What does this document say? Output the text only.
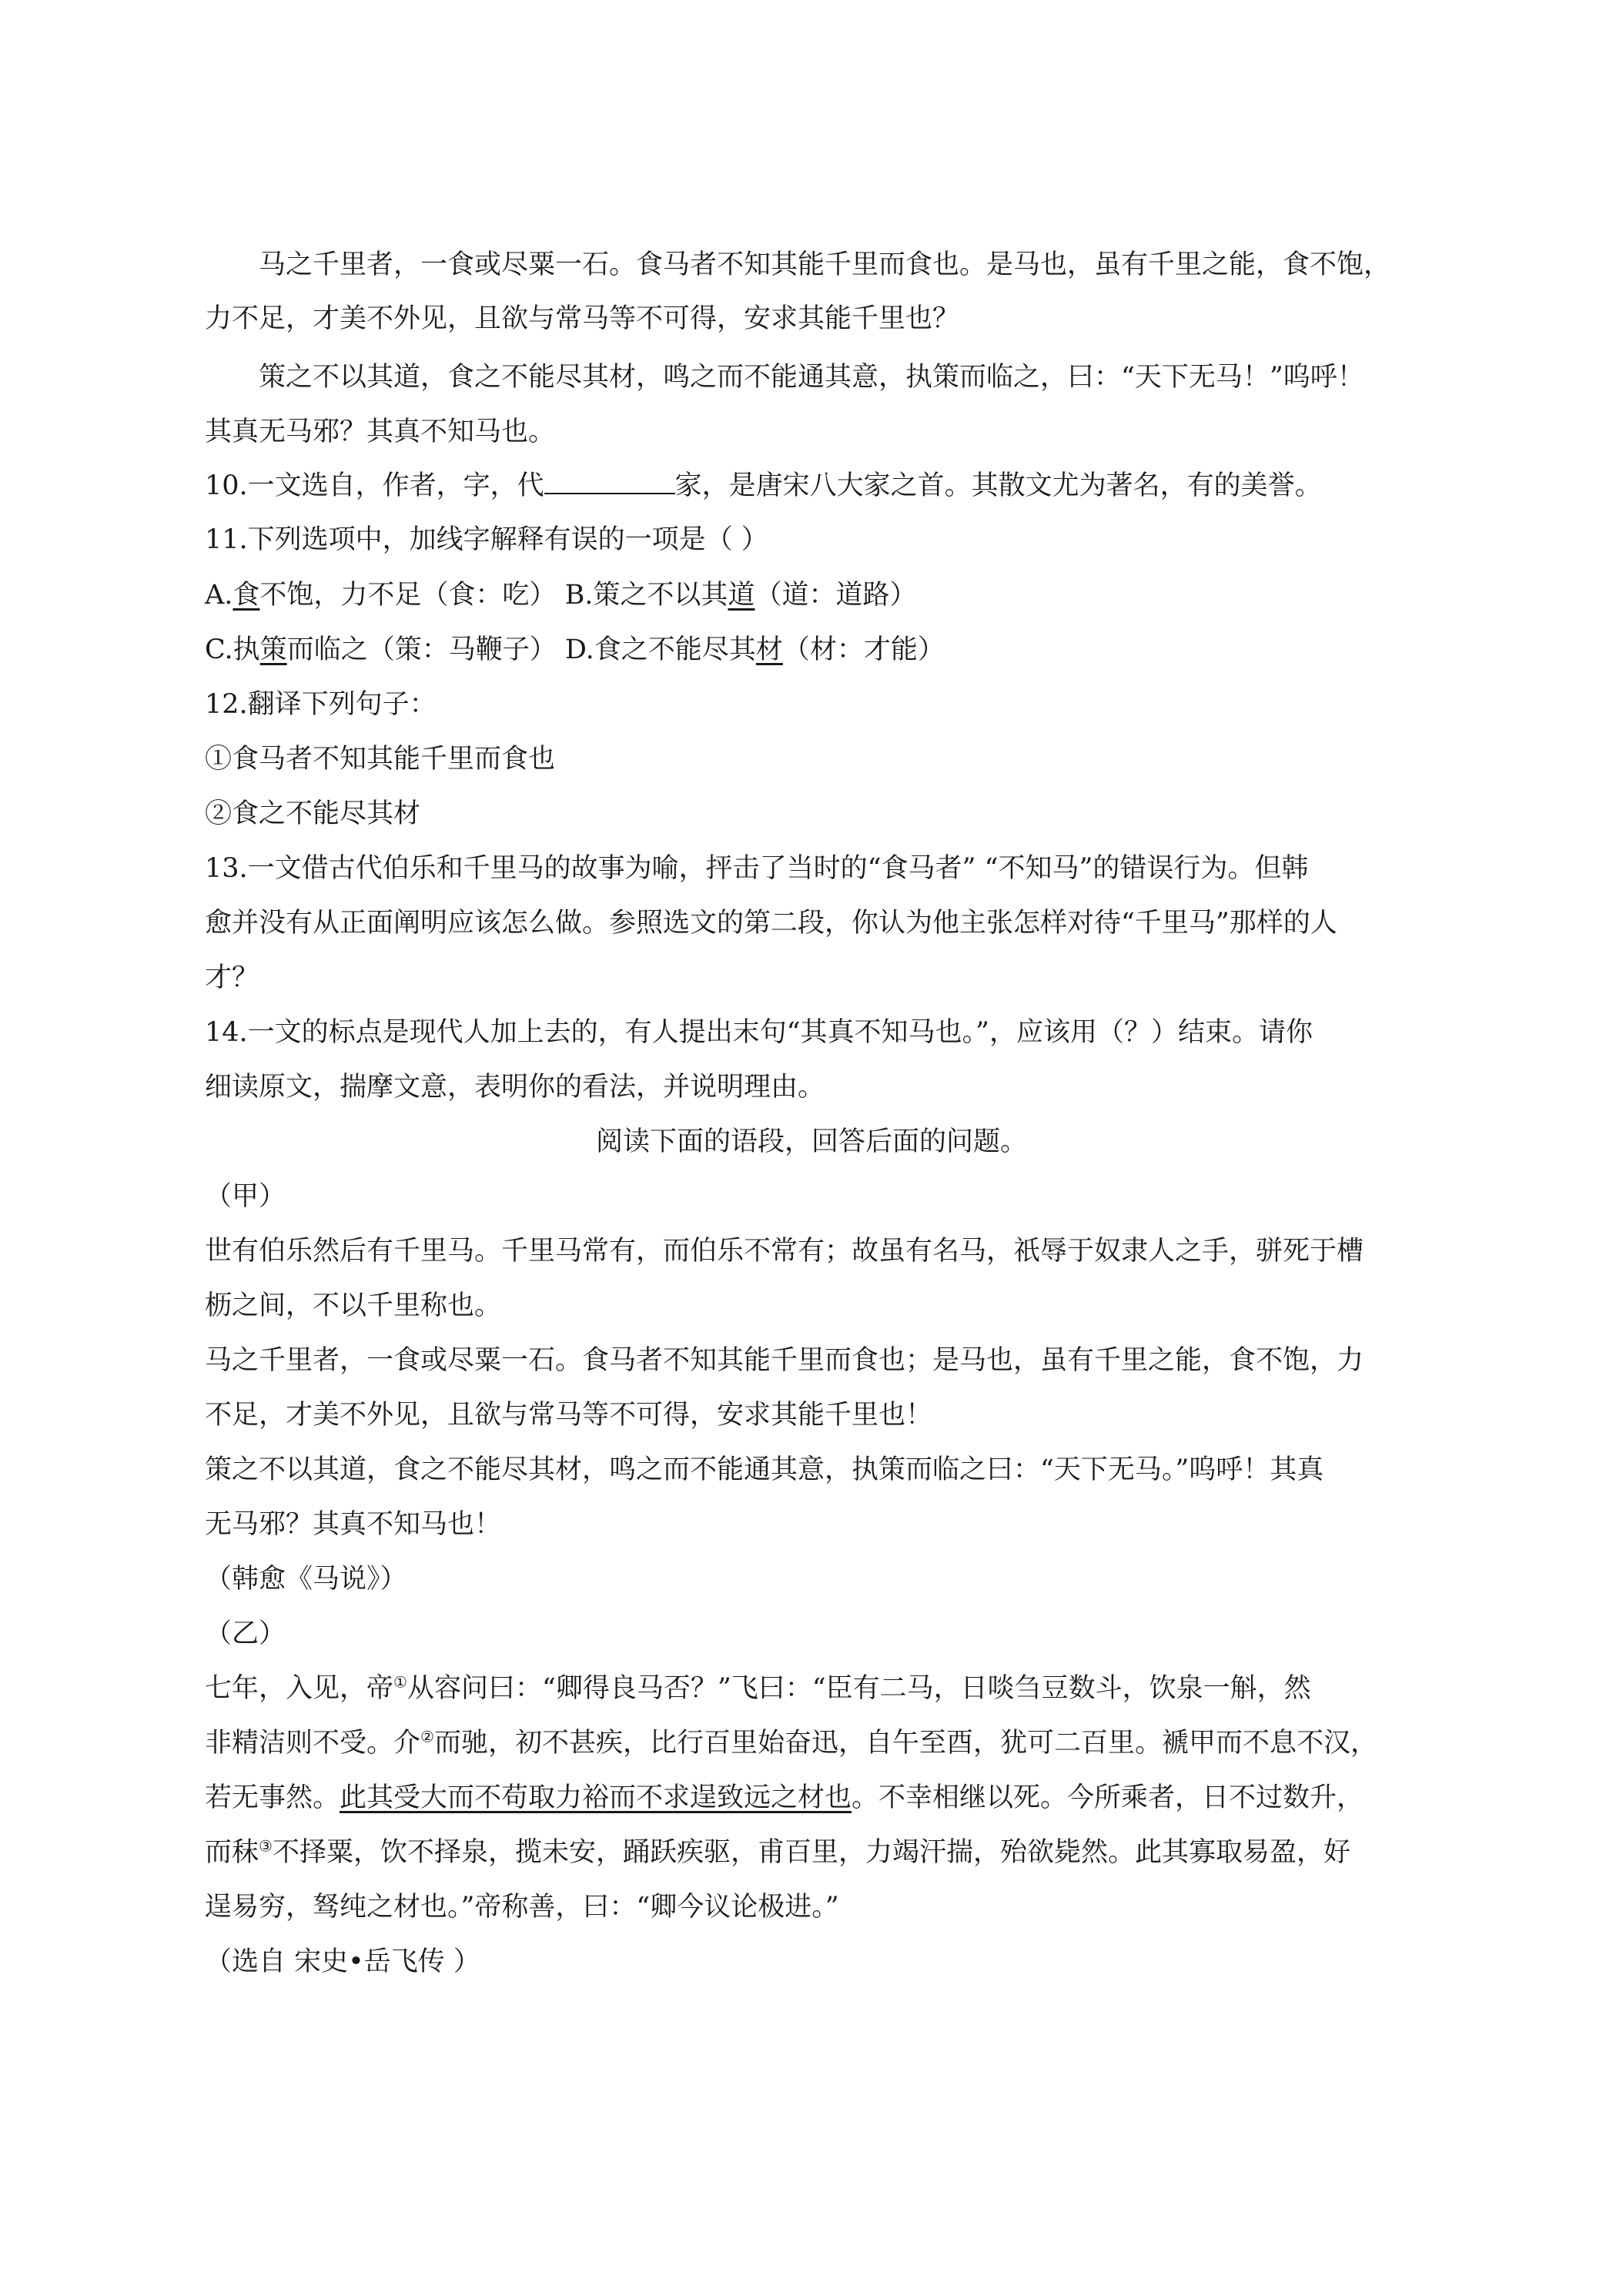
马之千里者，一食或尽粟一石。食马者不知其能千里而食也。是马也，虽有千里之能，食不饱，
力不足，才美不外见，且欲与常马等不可得，安求其能千里也？
策之不以其道，食之不能尽其材，鸣之而不能通其意，执策而临之，曰：“天下无马！”呜呼！
其真无马邪？其真不知马也。
10.一文选自，作者，字，代	家，是唐宋八大家之首。其散文尤为著名，有的美誉。
11.下列选项中，加线字解释有误的一项是（ ）
A.食不饱，力不足（食：吃） B.策之不以其道（道：道路）
C.执策而临之（策：马鞭子） D.食之不能尽其材（材：才能）
12.翻译下列句子：
①食马者不知其能千里而食也
②食之不能尽其材
13.一文借古代伯乐和千里马的故事为喻，抨击了当时的“食马者” “不知马”的错误行为。但韩
愈并没有从正面阐明应该怎么做。参照选文的第二段，你认为他主张怎样对待“千里马”那样的人
才？
14.一文的标点是现代人加上去的，有人提出末句“其真不知马也。”，应该用（？）结束。请你
细读原文，揣摩文意，表明你的看法，并说明理由。
阅读下面的语段，回答后面的问题。
（甲）
世有伯乐然后有千里马。千里马常有，而伯乐不常有；故虽有名马，祇辱于奴隶人之手，骈死于槽
枥之间，不以千里称也。
马之千里者，一食或尽粟一石。食马者不知其能千里而食也；是马也，虽有千里之能，食不饱，力
不足，才美不外见，且欲与常马等不可得，安求其能千里也！
策之不以其道，食之不能尽其材，鸣之而不能通其意，执策而临之曰：“天下无马。”呜呼！其真
无马邪？其真不知马也！
（韩愈《马说》）
（乙）
七年，入见，帝①从容问曰：“卿得良马否？”飞曰：“臣有二马，日啖刍豆数斗，饮泉一斛，然
非精洁则不受。介②而驰，初不甚疾，比行百里始奋迅，自午至酉，犹可二百里。褫甲而不息不汉，
若无事然。此其受大而不苟取力裕而不求逞致远之材也。不幸相继以死。今所乘者，日不过数升，
而秣③不择粟，饮不择泉，揽未安，踊跃疾驱，甫百里，力竭汗揣，殆欲毙然。此其寡取易盈，好
逞易穷，驽纯之材也。”帝称善，曰：“卿今议论极进。”
（选自 宋史•岳飞传 ）
